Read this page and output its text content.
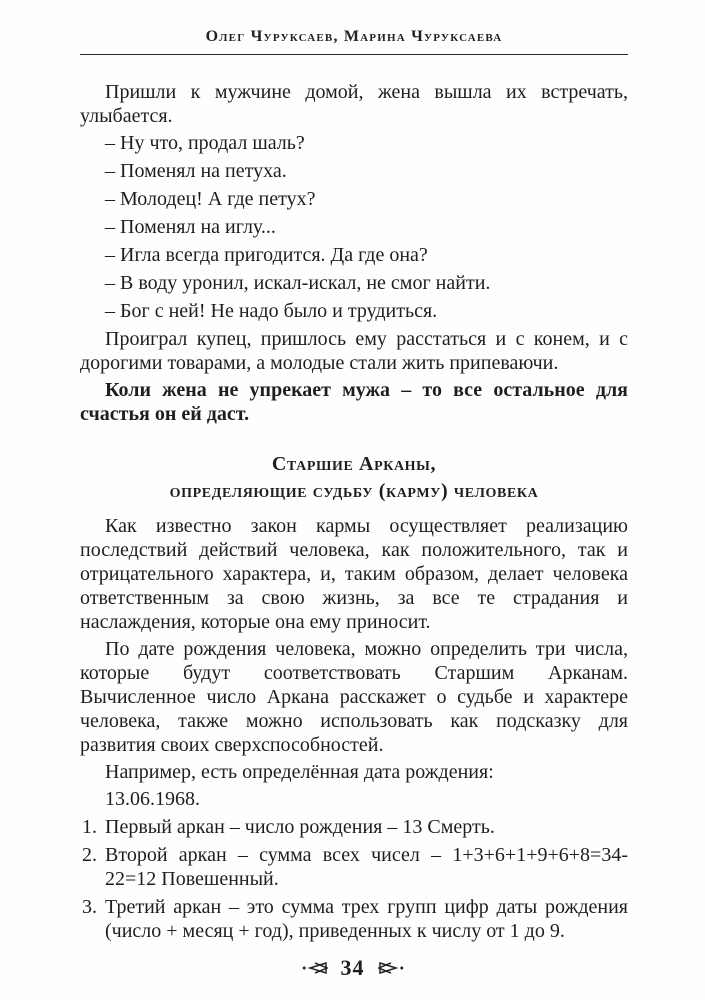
Олег Чуруксаев, Марина Чуруксаева

Пришли к мужчине домой, жена вышла их встречать, улыбается.

– Ну что, продал шаль?

– Поменял на петуха.

– Молодец! А где петух?

– Поменял на иглу...

– Игла всегда пригодится. Да где она?

– В воду уронил, искал-искал, не смог найти.

– Бог с ней! Не надо было и трудиться.

Проиграл купец, пришлось ему расстаться и с конем, и с дорогими товарами, а молодые стали жить припеваючи.

Коли жена не упрекает мужа – то все остальное для счастья он ей даст.

Старшие Арканы,
определяющие судьбу (карму) человека

Как известно закон кармы осуществляет реализацию последствий действий человека, как положительного, так и отрицательного характера, и, таким образом, делает человека ответственным за свою жизнь, за все те страдания и наслаждения, которые она ему приносит.

По дате рождения человека, можно определить три числа, которые будут соответствовать Старшим Арканам. Вычисленное число Аркана расскажет о судьбе и характере человека, также можно использовать как подсказку для развития своих сверхспособностей.

Например, есть определённая дата рождения:

13.06.1968.

1. Первый аркан – число рождения – 13 Смерть.
2. Второй аркан – сумма всех чисел – 1+3+6+1+9+6+8=34-22=12 Повешенный.
3. Третий аркан – это сумма трех групп цифр даты рождения (число + месяц + год), приведенных к числу от 1 до 9.
34
